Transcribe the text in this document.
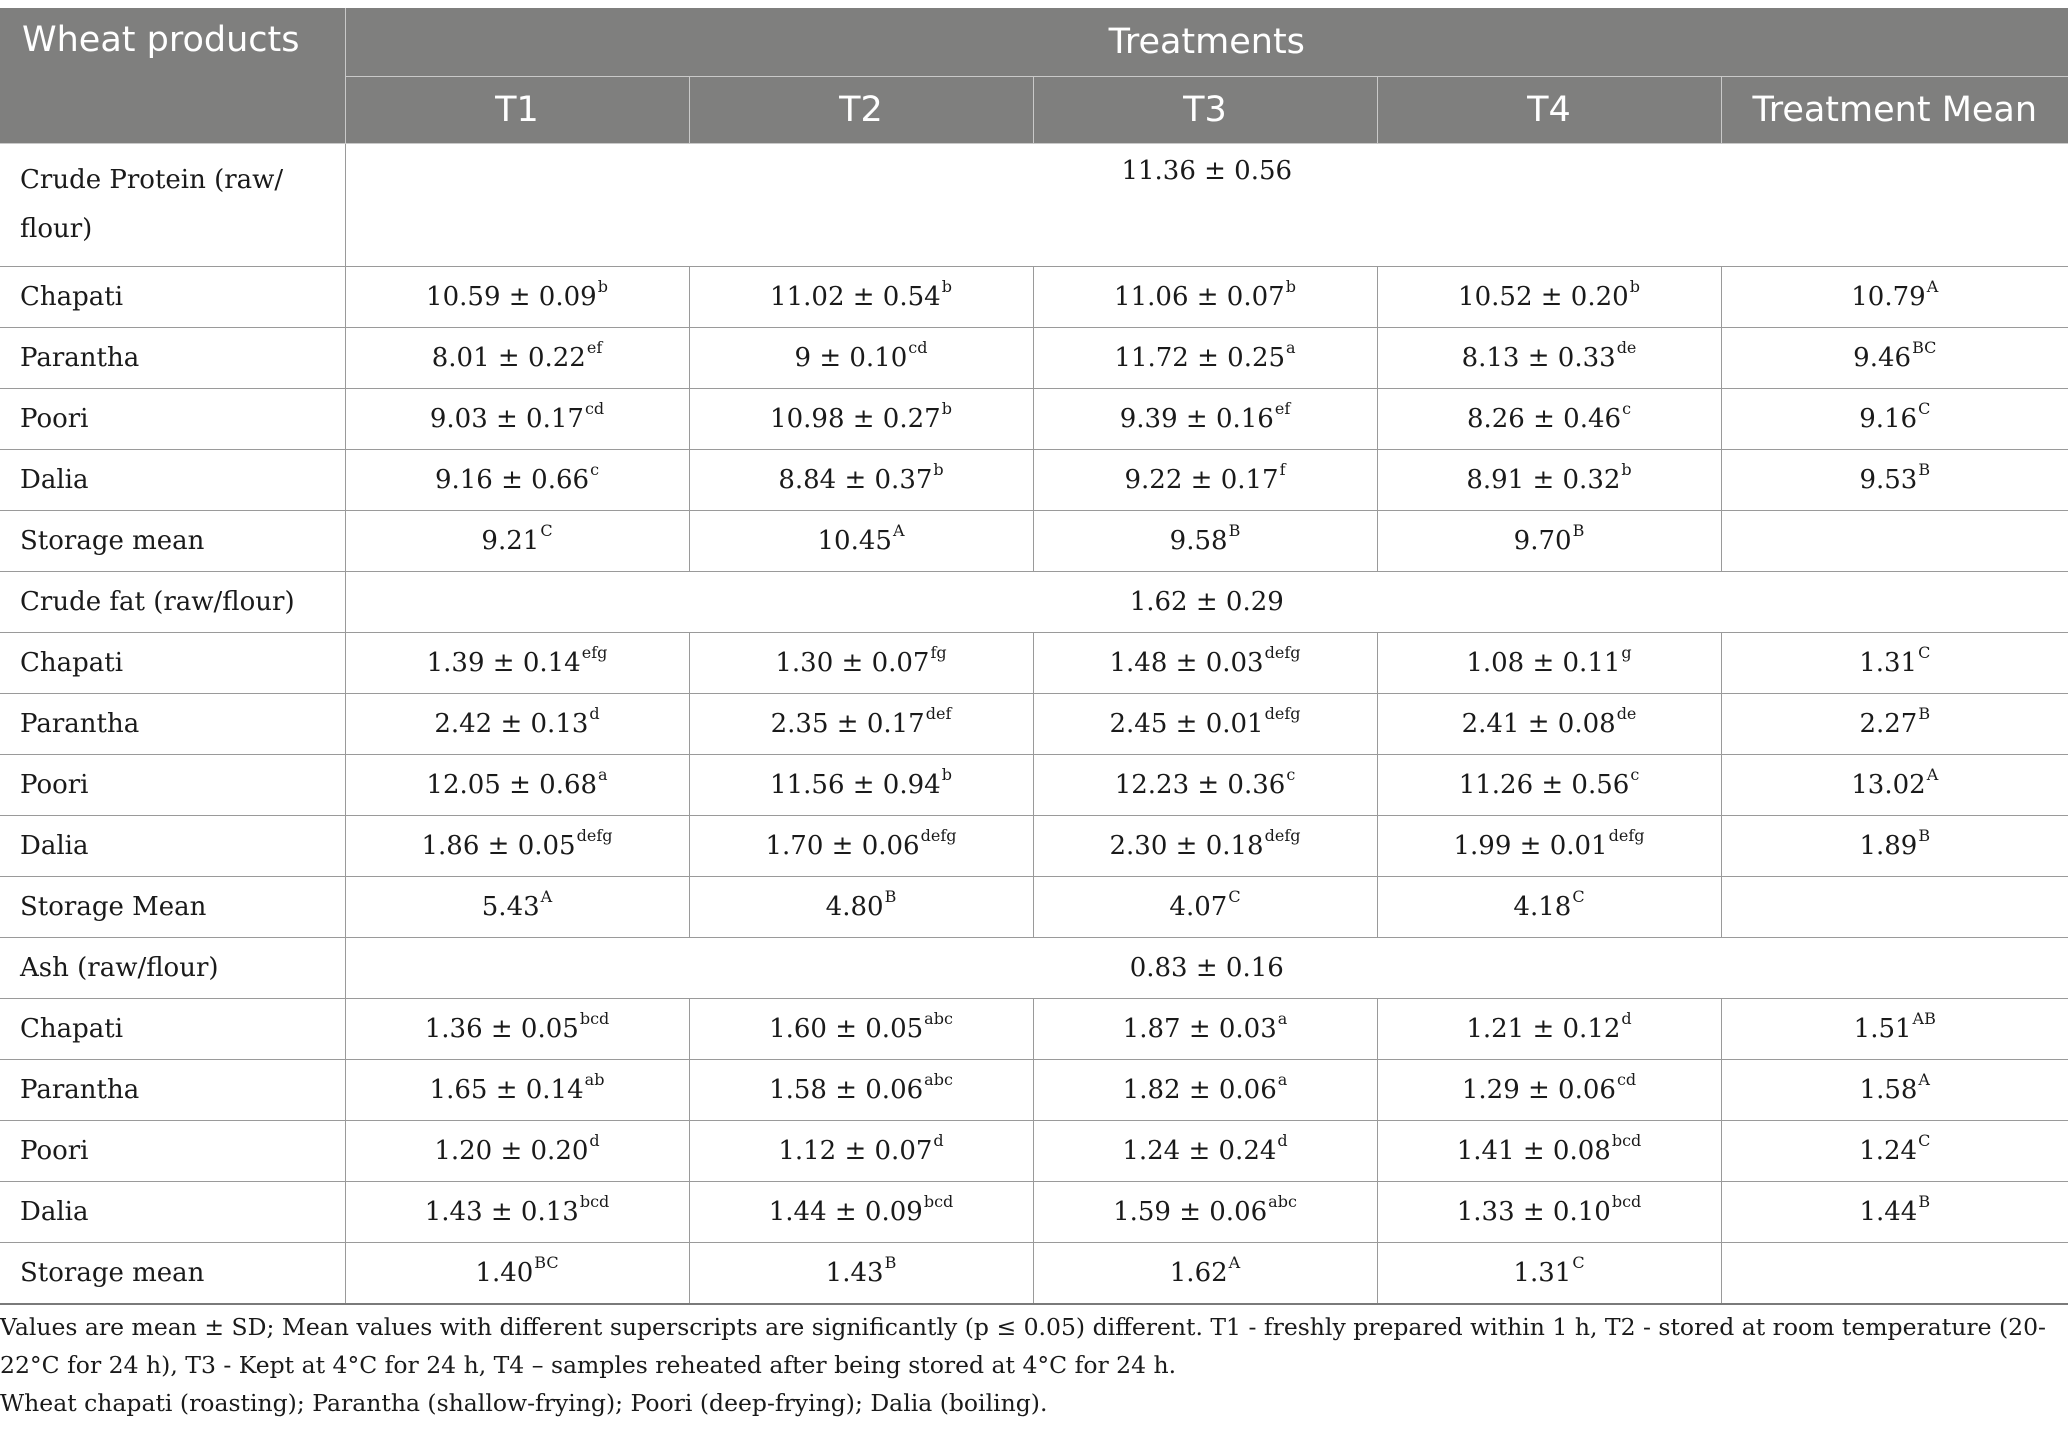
Wheat products	Treatments				
	T1	T2	T3	T4	Treatment Mean
Crude Protein (raw/ flour)	11.36 ± 0.56				
Chapati	10.59 ± 0.09$^b$	11.02 ± 0.54$^b$	11.06 ± 0.07$^b$	10.52 ± 0.20$^b$	$10.79^A$
Parantha	8.01 ± 0.22$^{ef}$	9 ± 0.10$^{cd}$	11.72 ± 0.25$^a$	8.13 ± 0.33de	$9.46^{BC}$
Poori	9.03 ± 0.17$^{cd}$	10.98 ± 0.27$^b$	9.39 ± 0.16$^{ef}$	8.26 ± 0.46$^c$	$9.16^C$
Dalia	9.16 ± 0.66$^c$	8.84 ± 0.37$^b$	9.22 ± 0.17$^f$	8.91 ± 0.32$^b$	$9.53^B$
Storage mean	$9.21^C$	$10.45^A$	$9.58^B$	$9.70^B$	
Crude fat (raw/flour)	1.62 ± 0.29				
Chapati	1.39 ± 0.14$^{efg}$	1.30 ± 0.07$^{fg}$	$1.48 \pm 0.03^{defg}$	1.08 ± 0.11$^g$	$1.31^C$
Parantha	2.42 ± 0.13$^d$	2.35 ± 0.17$^{def}$	$2.45 \pm 0.01^{defg}$	2.41 ± 0.08de	$2.27^B$
Poori	12.05 ± 0.68$^a$	11.56 ± 0.94$^b$	12.23 ± 0.36$^c$	11.26 ± 0.56$^c$	$13.02^A$
Dalia	$1.86 \pm 0.05^{defg}$	$1.70 \pm 0.06^{defg}$	$2.30 \pm 0.18^{defg}$	$1.99 \pm 0.01^{defg}$	$1.89^B$
Storage Mean	$5.43^A$	$4.80^B$	$4.07^C$	$4.18^C$	
Ash (raw/flour)	0.83 ± 0.16				
Chapati	1.36 ± 0.05$^{bcd}$	1.60 ± 0.05$^{abc}$	1.87 ± 0.03$^a$	1.21 ± 0.12$^d$	$1.51^{AB}$
Parantha	1.65 ± 0.14$^{ab}$	1.58 ± 0.06$^{abc}$	1.82 ± 0.06$^a$	1.29 ± 0.06$^{cd}$	$1.58^A$
Poori	1.20 ± 0.20$^d$	1.12 ± 0.07$^d$	1.24 ± 0.24$^d$	1.41 ± 0.08$^{bcd}$	$1.24^C$
Dalia	1.43 ± 0.13$^{bcd}$	1.44 ± 0.09$^{bcd}$	1.59 ± 0.06$^{abc}$	1.33 ± 0.10$^{bcd}$	$1.44^B$
Storage mean	$1.40^{BC}$	$1.43^B$	$1.62^A$	$1.31^C$	

Values are mean ± SD; Mean values with different superscripts are significantly (p ≤ 0.05) different. T1 - freshly prepared within 1 h, T2 - stored at room temperature (20-22°C for 24 h), T3 - Kept at 4°C for 24 h, T4 – samples reheated after being stored at 4°C for 24 h.

Wheat chapati (roasting); Parantha (shallow-frying); Poori (deep-frying); Dalia (boiling).
